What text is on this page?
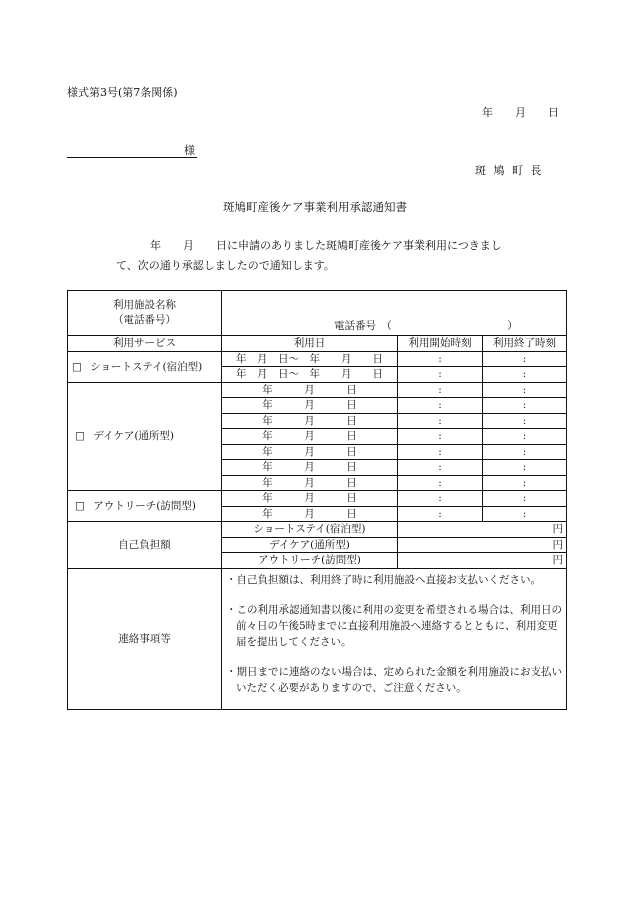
様式第3号(第7条関係)
年　　月　　日
様
斑 鳩 町 長
斑鳩町産後ケア事業利用承認通知書
年　　月　　日に申請のありました斑鳩町産後ケア事業利用につきまし
て、次の通り承認しましたので通知します。
利用施設名称
（電話番号）	電話番号　（　　　　　　　　　　　）		
利用サービス	利用日	利用開始時刻	利用終了時刻
□ ショートステイ(宿泊型)	年　月　日～　年　　月　　日	:	:
	年　月　日～　年　　月　　日	:	:
□ デイケア(通所型)	年　　　月　　　日	:	:
	年　　　月　　　日	:	:
	年　　　月　　　日	:	:
	年　　　月　　　日	:	:
	年　　　月　　　日	:	:
	年　　　月　　　日	:	:
	年　　　月　　　日	:	:
□ アウトリーチ(訪問型)	年　　　月　　　日	:	:
	年　　　月　　　日	:	:
自己負担額	ショートステイ(宿泊型)	円	
	デイケア(通所型)	円	
	アウトリーチ(訪問型)	円	
連絡事項等	・自己負担額は、利用終了時に利用施設へ直接お支払いください。
・この利用承認通知書以後に利用の変更を希望される場合は、利用日の前々日の午後5時までに直接利用施設へ連絡するとともに、利用変更届を提出してください。
・期日までに連絡のない場合は、定められた金額を利用施設にお支払いいただく必要がありますので、ご注意ください。		
